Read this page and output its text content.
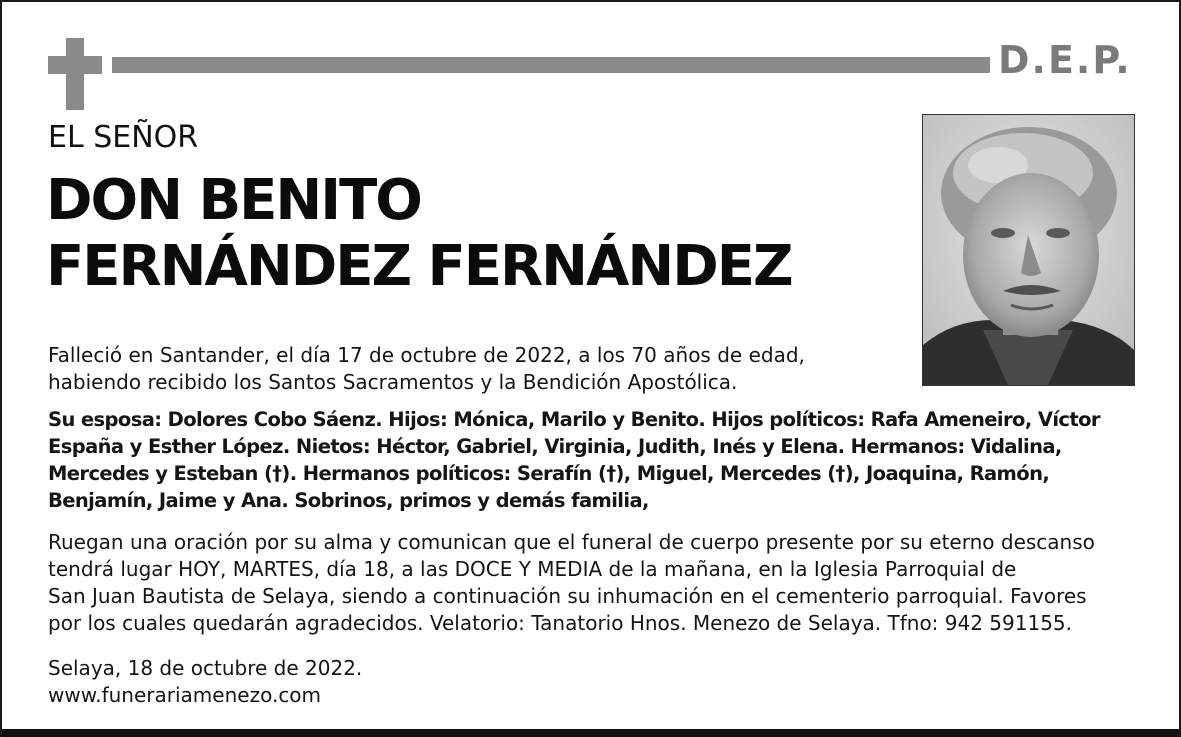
D.E.P.
EL SEÑOR
DON BENITO
FERNÁNDEZ FERNÁNDEZ
Falleció en Santander, el día 17 de octubre de 2022, a los 70 años de edad,
habiendo recibido los Santos Sacramentos y la Bendición Apostólica.
Su esposa: Dolores Cobo Sáenz. Hijos: Mónica, Marilo y Benito. Hijos políticos: Rafa Ameneiro, Víctor
España y Esther López. Nietos: Héctor, Gabriel, Virginia, Judith, Inés y Elena. Hermanos: Vidalina,
Mercedes y Esteban (†). Hermanos políticos: Serafín (†), Miguel, Mercedes (†), Joaquina, Ramón,
Benjamín, Jaime y Ana. Sobrinos, primos y demás familia,
Ruegan una oración por su alma y comunican que el funeral de cuerpo presente por su eterno descanso
tendrá lugar HOY, MARTES, día 18, a las DOCE Y MEDIA de la mañana, en la Iglesia Parroquial de
San Juan Bautista de Selaya, siendo a continuación su inhumación en el cementerio parroquial. Favores
por los cuales quedarán agradecidos. Velatorio: Tanatorio Hnos. Menezo de Selaya. Tfno: 942 591155.
Selaya, 18 de octubre de 2022.
www.funerariamenezo.com
